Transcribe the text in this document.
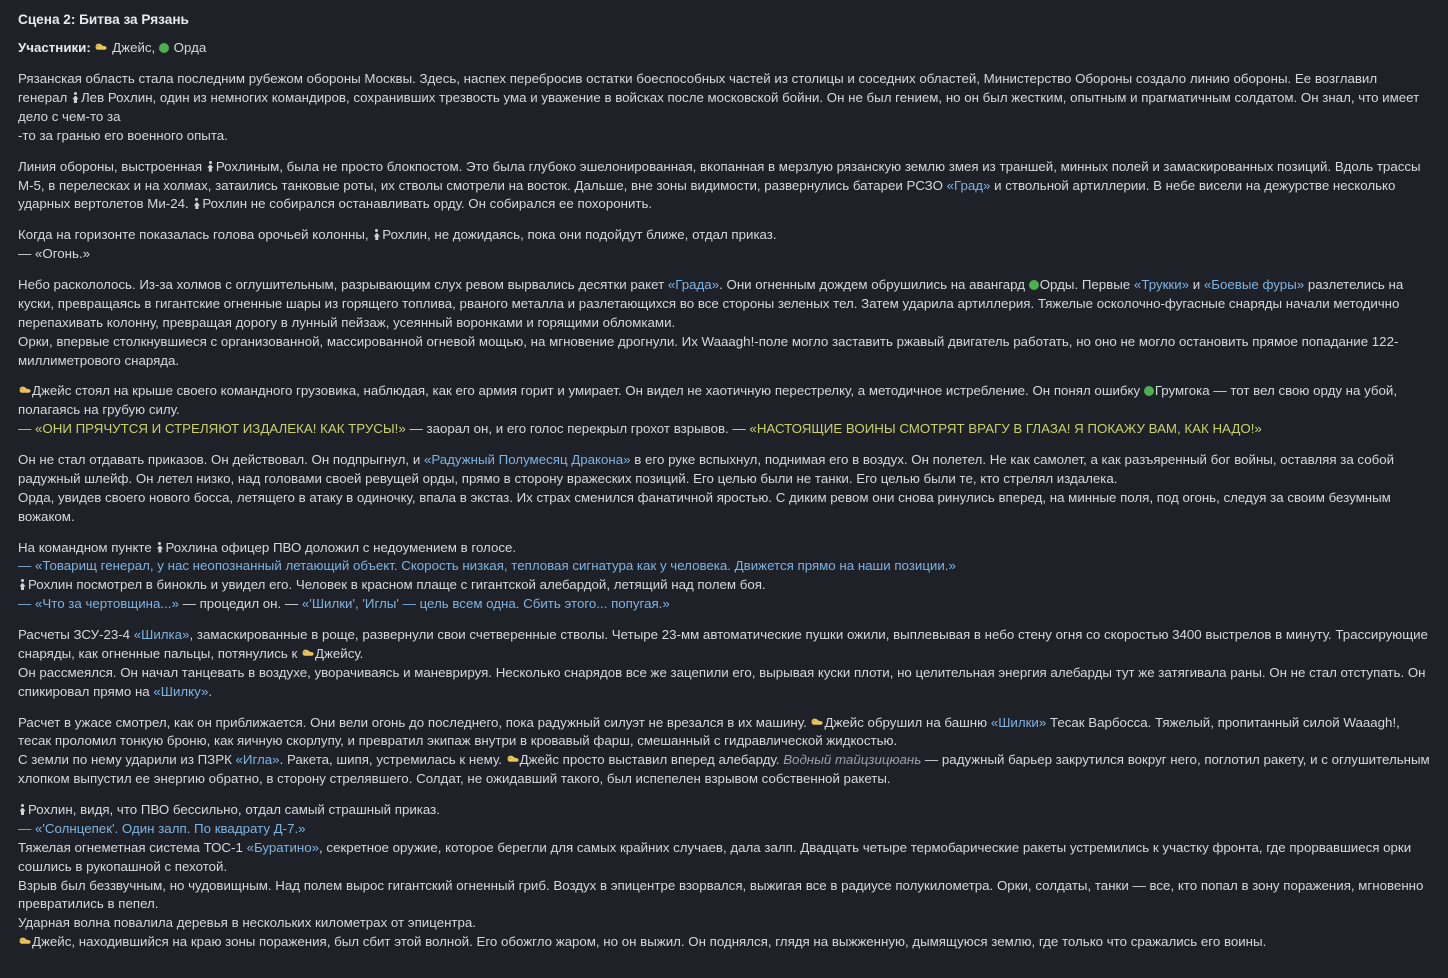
Сцена 2: Битва за Рязань
Участники: Джейс, Орда

Рязанская область стала последним рубежом обороны Москвы. Здесь, наспех перебросив остатки боеспособных частей из столицы и соседних областей, Министерство Обороны создало линию обороны. Ее возглавил генерал Лев Рохлин, один из немногих командиров, сохранивших трезвость ума и уважение в войсках после московской бойни. Он не был гением, но он был жестким, опытным и прагматичным солдатом. Он знал, что имеет дело с чем-то за
-то за гранью его военного опыта.

Линия обороны, выстроенная Рохлиным, была не просто блокпостом. Это была глубоко эшелонированная, вкопанная в мерзлую рязанскую землю змея из траншей, минных полей и замаскированных позиций. Вдоль трассы М-5, в перелесках и на холмах, затаились танковые роты, их стволы смотрели на восток. Дальше, вне зоны видимости, развернулись батареи РСЗО «Град» и ствольной артиллерии. В небе висели на дежурстве несколько ударных вертолетов Ми-24. Рохлин не собирался останавливать орду. Он собирался ее похоронить.

Когда на горизонте показалась голова орочьей колонны, Рохлин, не дожидаясь, пока они подойдут ближе, отдал приказ.
— «Огонь.»
Небо раскололось. Из-за холмов с оглушительным, разрывающим слух ревом вырвались десятки ракет «Града». Они огненным дождем обрушились на авангард Орды. Первые «Трукки» и «Боевые фуры» разлетелись на куски, превращаясь в гигантские огненные шары из горящего топлива, рваного металла и разлетающихся во все стороны зеленых тел. Затем ударила артиллерия. Тяжелые осколочно-фугасные снаряды начали методично перепахивать колонну, превращая дорогу в лунный пейзаж, усеянный воронками и горящими обломками.
Орки, впервые столкнувшиеся с организованной, массированной огневой мощью, на мгновение дрогнули. Их Waaagh!-поле могло заставить ржавый двигатель работать, но оно не могло остановить прямое попадание 122-миллиметрового снаряда.
Джейс стоял на крыше своего командного грузовика, наблюдая, как его армия горит и умирает. Он видел не хаотичную перестрелку, а методичное истребление. Он понял ошибку Грумгока — тот вел свою орду на убой, полагаясь на грубую силу.
— «ОНИ ПРЯЧУТСЯ И СТРЕЛЯЮТ ИЗДАЛЕКА! КАК ТРУСЫ!» — заорал он, и его голос перекрыл грохот взрывов. — «НАСТОЯЩИЕ ВОИНЫ СМОТРЯТ ВРАГУ В ГЛАЗА! Я ПОКАЖУ ВАМ, КАК НАДО!»
Он не стал отдавать приказов. Он действовал. Он подпрыгнул, и «Радужный Полумесяц Дракона» в его руке вспыхнул, поднимая его в воздух. Он полетел. Не как самолет, а как разъяренный бог войны, оставляя за собой радужный шлейф. Он летел низко, над головами своей ревущей орды, прямо в сторону вражеских позиций. Его целью были не танки. Его целью были те, кто стрелял издалека.
Орда, увидев своего нового босса, летящего в атаку в одиночку, впала в экстаз. Их страх сменился фанатичной яростью. С диким ревом они снова ринулись вперед, на минные поля, под огонь, следуя за своим безумным вожаком.
На командном пункте Рохлина офицер ПВО доложил с недоумением в голосе.
— «Товарищ генерал, у нас неопознанный летающий объект. Скорость низкая, тепловая сигнатура как у человека. Движется прямо на наши позиции.»
Рохлин посмотрел в бинокль и увидел его. Человек в красном плаще с гигантской алебардой, летящий над полем боя.
— «Что за чертовщина...» — процедил он. — «'Шилки', 'Иглы' — цель всем одна. Сбить этого... попугая.»
Расчеты ЗСУ-23-4 «Шилка», замаскированные в роще, развернули свои счетверенные стволы. Четыре 23-мм автоматические пушки ожили, выплевывая в небо стену огня со скоростью 3400 выстрелов в минуту. Трассирующие снаряды, как огненные пальцы, потянулись к Джейсу.
Он рассмеялся. Он начал танцевать в воздухе, уворачиваясь и маневрируя. Несколько снарядов все же зацепили его, вырывая куски плоти, но целительная энергия алебарды тут же затягивала раны. Он не стал отступать. Он спикировал прямо на «Шилку».
Расчет в ужасе смотрел, как он приближается. Они вели огонь до последнего, пока радужный силуэт не врезался в их машину. Джейс обрушил на башню «Шилки» Тесак Варбосса. Тяжелый, пропитанный силой Waaagh!, тесак проломил тонкую броню, как яичную скорлупу, и превратил экипаж внутри в кровавый фарш, смешанный с гидравлической жидкостью.
С земли по нему ударили из ПЗРК «Игла». Ракета, шипя, устремилась к нему. Джейс просто выставил вперед алебарду. Водный тайцзицюань — радужный барьер закрутился вокруг него, поглотил ракету, и с оглушительным хлопком выпустил ее энергию обратно, в сторону стрелявшего. Солдат, не ожидавший такого, был испепелен взрывом собственной ракеты.
Рохлин, видя, что ПВО бессильно, отдал самый страшный приказ.
— «'Солнцепек'. Один залп. По квадрату Д-7.»
Тяжелая огнеметная система ТОС-1 «Буратино», секретное оружие, которое берегли для самых крайних случаев, дала залп. Двадцать четыре термобарические ракеты устремились к участку фронта, где прорвавшиеся орки сошлись в рукопашной с пехотой.
Взрыв был беззвучным, но чудовищным. Над полем вырос гигантский огненный гриб. Воздух в эпицентре взорвался, выжигая все в радиусе полукилометра. Орки, солдаты, танки — все, кто попал в зону поражения, мгновенно превратились в пепел.
Ударная волна повалила деревья в нескольких километрах от эпицентра.
Джейс, находившийся на краю зоны поражения, был сбит этой волной. Его обожгло жаром, но он выжил. Он поднялся, глядя на выжженную, дымящуюся землю, где только что сражались его воины.
